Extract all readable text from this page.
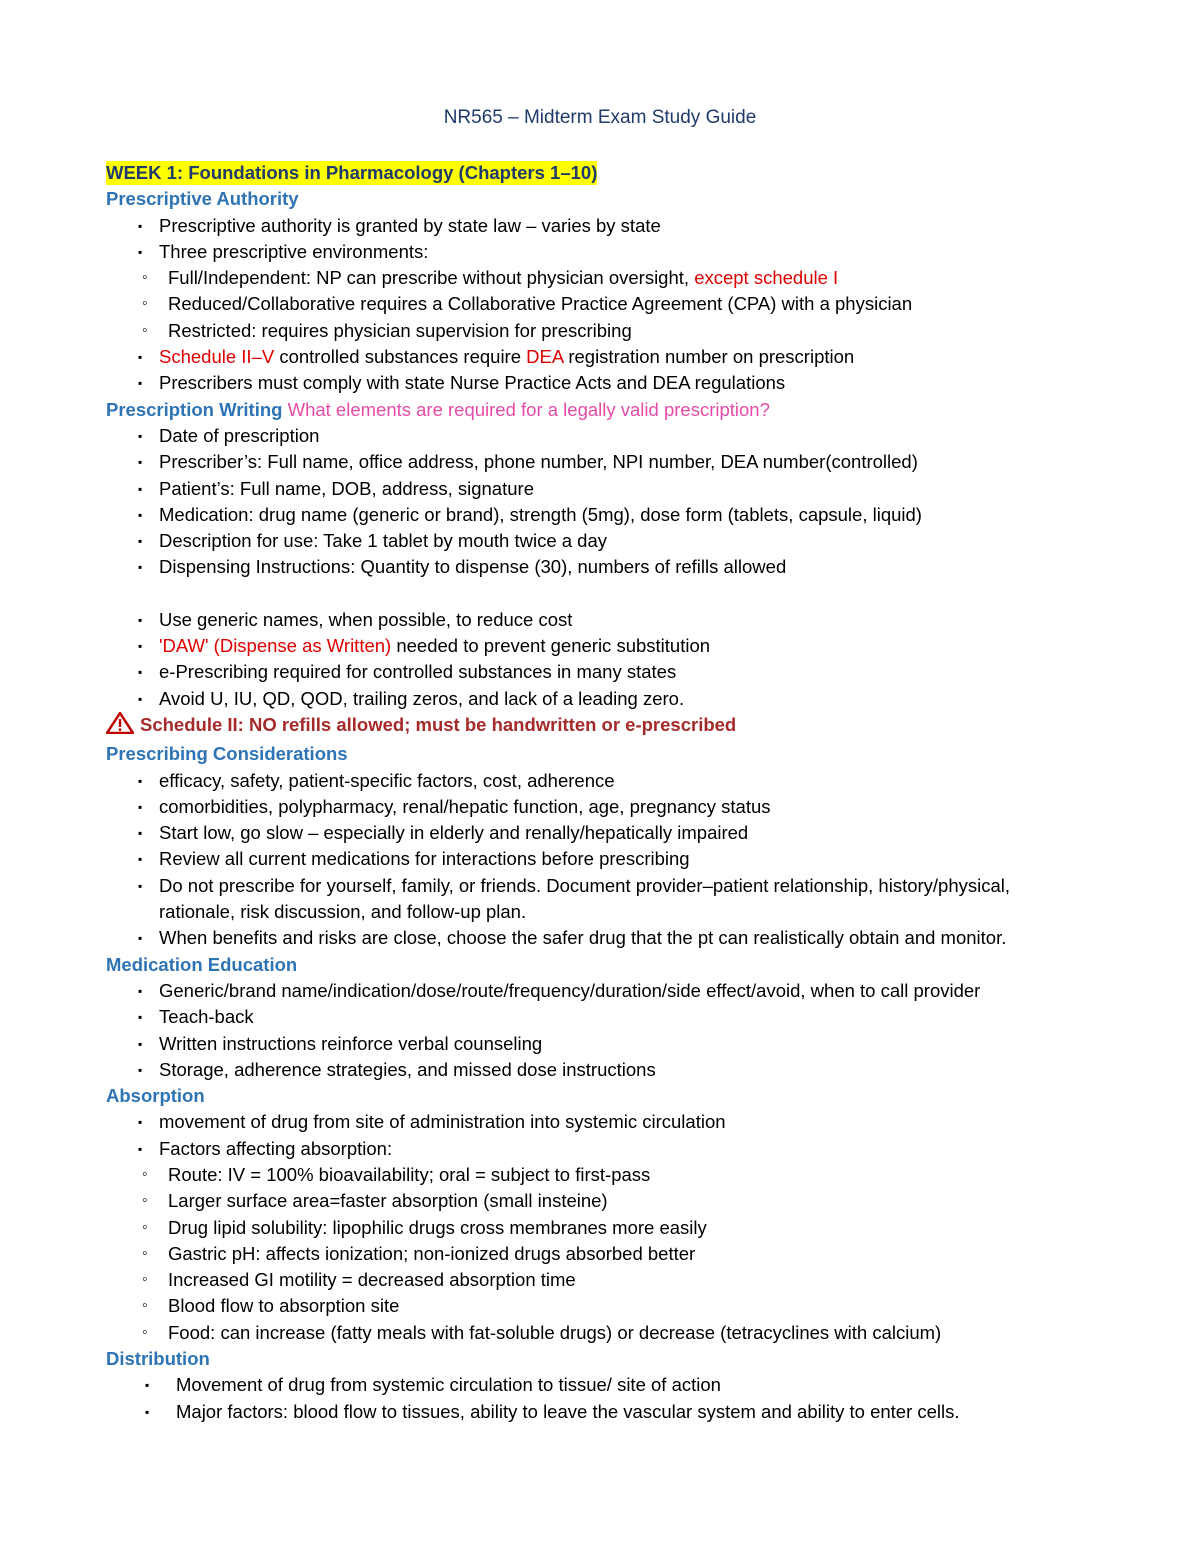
NR565 – Midterm Exam Study Guide
WEEK 1: Foundations in Pharmacology (Chapters 1–10)
Prescriptive Authority
▪ Prescriptive authority is granted by state law – varies by state
▪ Three prescriptive environments:
◦ Full/Independent: NP can prescribe without physician oversight, except schedule I
◦ Reduced/Collaborative requires a Collaborative Practice Agreement (CPA) with a physician
◦ Restricted: requires physician supervision for prescribing
▪ Schedule II–V controlled substances require DEA registration number on prescription
▪ Prescribers must comply with state Nurse Practice Acts and DEA regulations
Prescription Writing What elements are required for a legally valid prescription?
▪ Date of prescription
▪ Prescriber’s: Full name, office address, phone number, NPI number, DEA number(controlled)
▪ Patient’s: Full name, DOB, address, signature
▪ Medication: drug name (generic or brand), strength (5mg), dose form (tablets, capsule, liquid)
▪ Description for use: Take 1 tablet by mouth twice a day
▪ Dispensing Instructions: Quantity to dispense (30), numbers of refills allowed
▪ Use generic names, when possible, to reduce cost
▪ 'DAW' (Dispense as Written) needed to prevent generic substitution
▪ e-Prescribing required for controlled substances in many states
▪ Avoid U, IU, QD, QOD, trailing zeros, and lack of a leading zero.
Schedule II: NO refills allowed; must be handwritten or e-prescribed
Prescribing Considerations
▪ efficacy, safety, patient-specific factors, cost, adherence
▪ comorbidities, polypharmacy, renal/hepatic function, age, pregnancy status
▪ Start low, go slow – especially in elderly and renally/hepatically impaired
▪ Review all current medications for interactions before prescribing
▪ Do not prescribe for yourself, family, or friends. Document provider–patient relationship, history/physical,
rationale, risk discussion, and follow-up plan.
▪ When benefits and risks are close, choose the safer drug that the pt can realistically obtain and monitor.
Medication Education
▪ Generic/brand name/indication/dose/route/frequency/duration/side effect/avoid, when to call provider
▪ Teach-back
▪ Written instructions reinforce verbal counseling
▪ Storage, adherence strategies, and missed dose instructions
Absorption
▪ movement of drug from site of administration into systemic circulation
▪ Factors affecting absorption:
◦ Route: IV = 100% bioavailability; oral = subject to first-pass
◦ Larger surface area=faster absorption (small insteine)
◦ Drug lipid solubility: lipophilic drugs cross membranes more easily
◦ Gastric pH: affects ionization; non-ionized drugs absorbed better
◦ Increased GI motility = decreased absorption time
◦ Blood flow to absorption site
◦ Food: can increase (fatty meals with fat-soluble drugs) or decrease (tetracyclines with calcium)
Distribution
▪ Movement of drug from systemic circulation to tissue/ site of action
▪ Major factors: blood flow to tissues, ability to leave the vascular system and ability to enter cells.
